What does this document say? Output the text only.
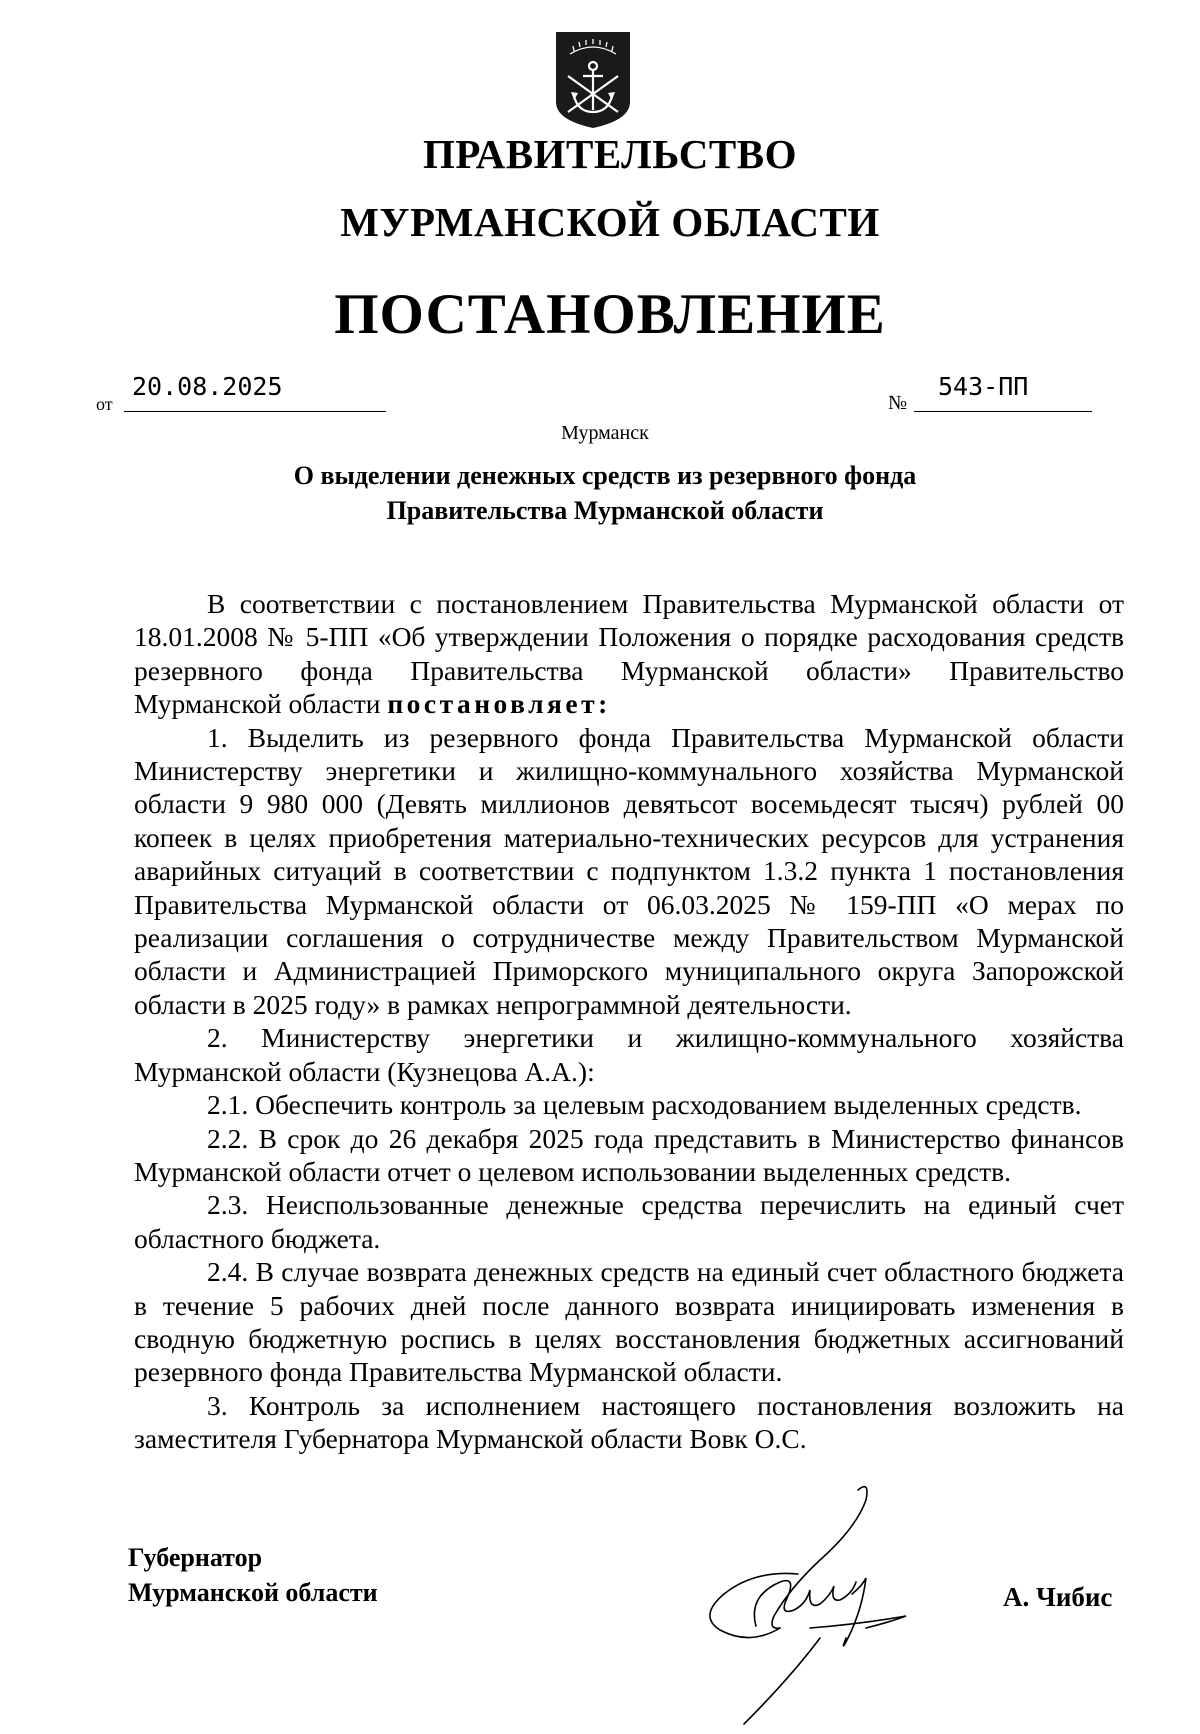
ПРАВИТЕЛЬСТВО
МУРМАНСКОЙ ОБЛАСТИ
ПОСТАНОВЛЕНИЕ
от
20.08.2025
№
543-ПП
Мурманск
О выделении денежных средств из резервного фонда
Правительства Мурманской области

В соответствии с постановлением Правительства Мурманской области от 18.01.2008 № 5-ПП «Об утверждении Положения о порядке расходования средств резервного фонда Правительства Мурманской области» Правительство Мурманской области постановляет:

1. Выделить из резервного фонда Правительства Мурманской области Министерству энергетики и жилищно-коммунального хозяйства Мурманской области 9 980 000 (Девять миллионов девятьсот восемьдесят тысяч) рублей 00 копеек в целях приобретения материально-технических ресурсов для устранения аварийных ситуаций в соответствии с подпунктом 1.3.2 пункта 1 постановления Правительства Мурманской области от 06.03.2025 № 159-ПП «О мерах по реализации соглашения о сотрудничестве между Правительством Мурманской области и Администрацией Приморского муниципального округа Запорожской области в 2025 году» в рамках непрограммной деятельности.

2. Министерству энергетики и жилищно-коммунального хозяйства Мурманской области (Кузнецова А.А.):

2.1. Обеспечить контроль за целевым расходованием выделенных средств.

2.2. В срок до 26 декабря 2025 года представить в Министерство финансов Мурманской области отчет о целевом использовании выделенных средств.

2.3. Неиспользованные денежные средства перечислить на единый счет областного бюджета.

2.4. В случае возврата денежных средств на единый счет областного бюджета в течение 5 рабочих дней после данного возврата инициировать изменения в сводную бюджетную роспись в целях восстановления бюджетных ассигнований резервного фонда Правительства Мурманской области.

3. Контроль за исполнением настоящего постановления возложить на заместителя Губернатора Мурманской области Вовк О.С.

Губернатор
Мурманской области	А. Чибис
